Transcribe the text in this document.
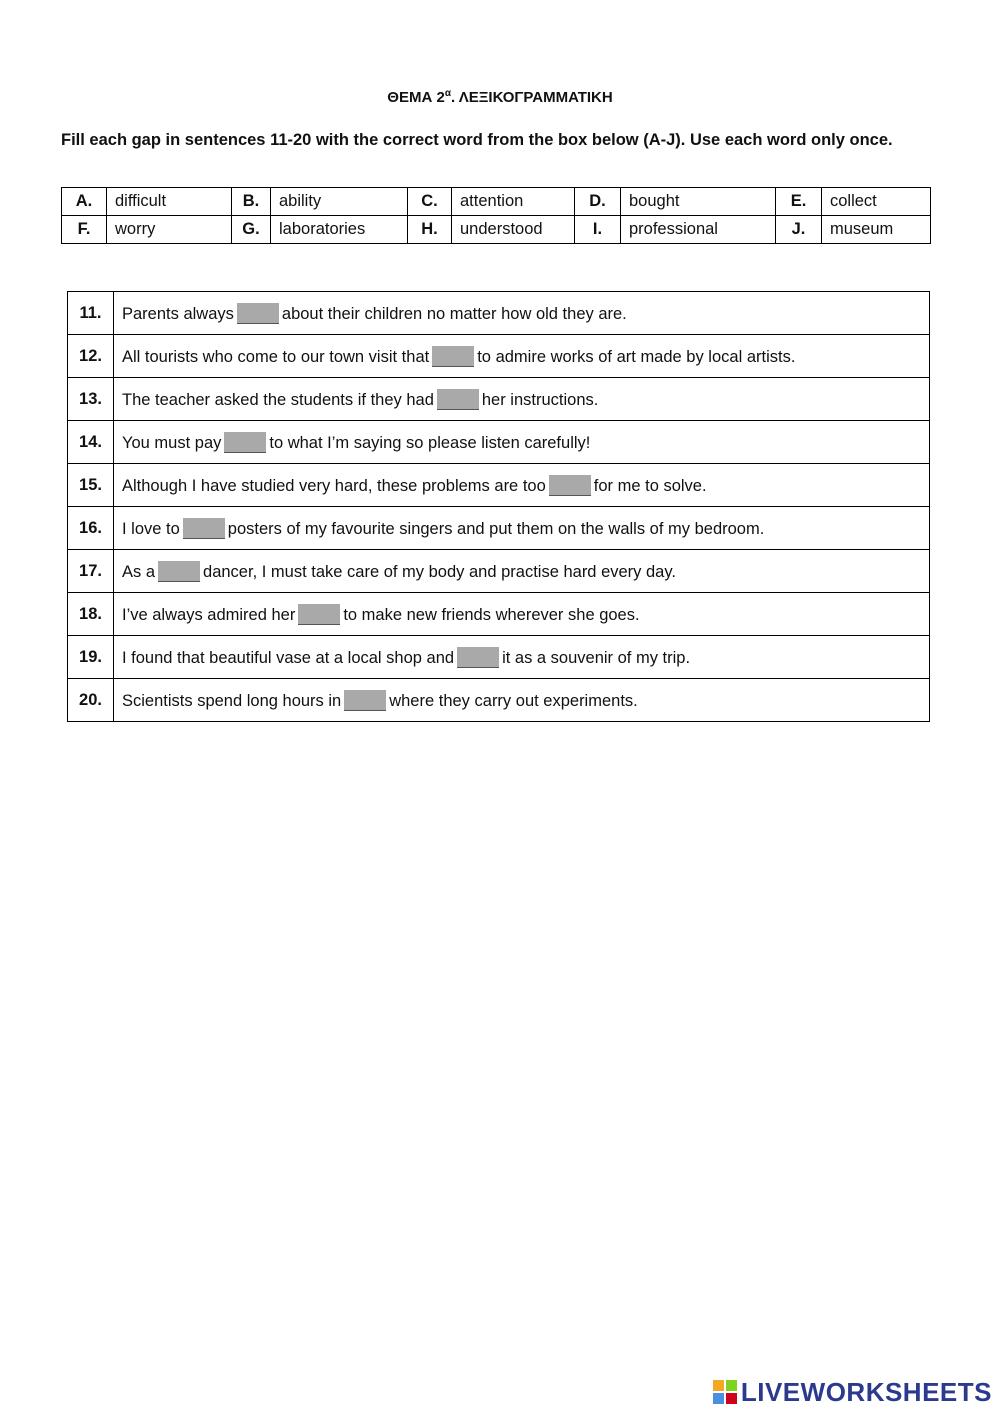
ΘΕΜΑ $2^\alpha$. ΛΕΞΙΚΟΓΡΑΜΜΑΤΙΚΗ
Fill each gap in sentences 11-20 with the correct word from the box below (A-J). Use each word only once.
A.	difficult	B.	ability	C.	attention	D.	bought	E.	collect
F.	worry	G.	laboratories	H.	understood	I.	professional	J.	museum
11.	Parents always about their children no matter how old they are.
12.	All tourists who come to our town visit that to admire works of art made by local artists.
13.	The teacher asked the students if they had her instructions.
14.	You must pay to what I’m saying so please listen carefully!
15.	Although I have studied very hard, these problems are too for me to solve.
16.	I love to posters of my favourite singers and put them on the walls of my bedroom.
17.	As a dancer, I must take care of my body and practise hard every day.
18.	I’ve always admired her to make new friends wherever she goes.
19.	I found that beautiful vase at a local shop and it as a souvenir of my trip.
20.	Scientists spend long hours in where they carry out experiments.
LIVEWORKSHEETS
